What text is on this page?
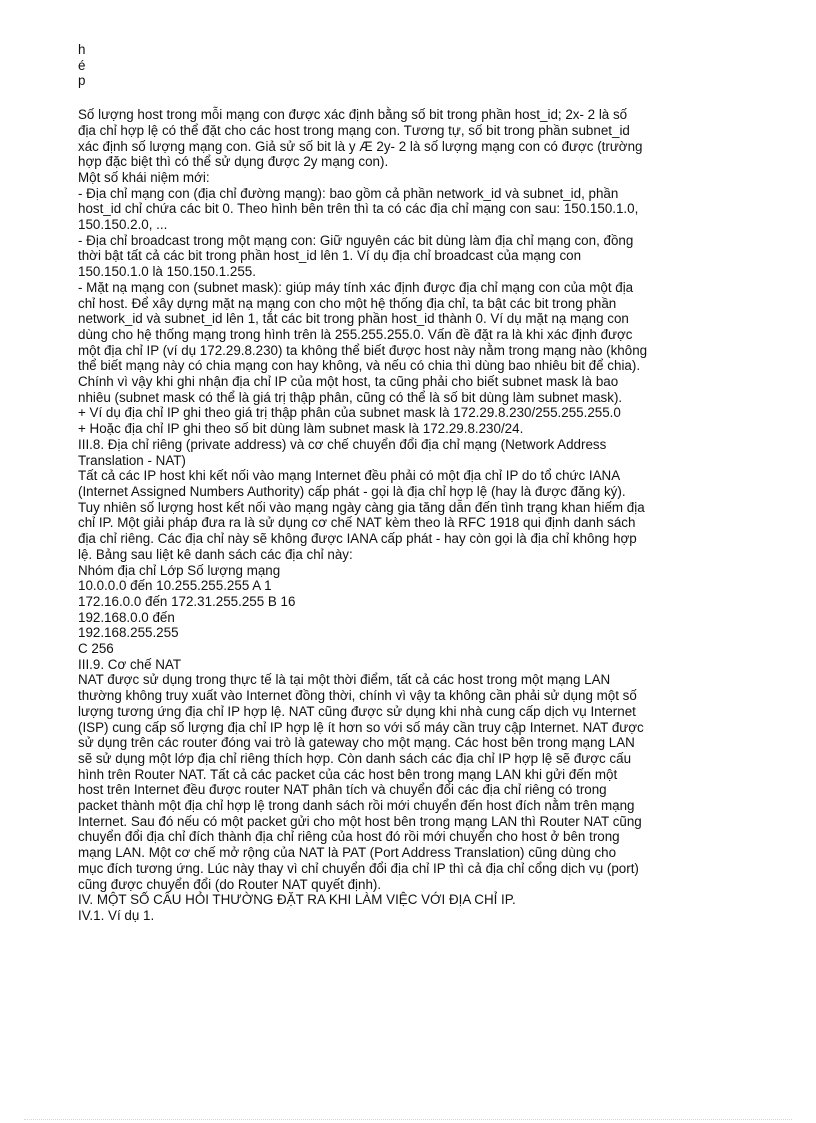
h
é
p
Số lượng host trong mỗi mạng con được xác định bằng số bit trong phần host_id; 2x- 2 là số
địa chỉ hợp lệ có thể đặt cho các host trong mạng con. Tương tự, số bit trong phần subnet_id
xác định số lượng mạng con. Giả sử số bit là y Æ 2y- 2 là số lượng mạng con có được (trường
hợp đặc biệt thì có thể sử dụng được 2y mạng con).
Một số khái niệm mới:
- Địa chỉ mạng con (địa chỉ đường mạng): bao gồm cả phần network_id và subnet_id, phần
host_id chỉ chứa các bit 0. Theo hình bên trên thì ta có các địa chỉ mạng con sau: 150.150.1.0,
150.150.2.0, ...
- Địa chỉ broadcast trong một mạng con: Giữ nguyên các bit dùng làm địa chỉ mạng con, đồng
thời bật tất cả các bit trong phần host_id lên 1. Ví dụ địa chỉ broadcast của mạng con
150.150.1.0 là 150.150.1.255.
- Mặt nạ mạng con (subnet mask): giúp máy tính xác định được địa chỉ mạng con của một địa
chỉ host. Để xây dựng mặt nạ mạng con cho một hệ thống địa chỉ, ta bật các bit trong phần
network_id và subnet_id lên 1, tắt các bit trong phần host_id thành 0. Ví dụ mặt nạ mạng con
dùng cho hệ thống mạng trong hình trên là 255.255.255.0. Vấn đề đặt ra là khi xác định được
một địa chỉ IP (ví dụ 172.29.8.230) ta không thể biết được host này nằm trong mạng nào (không
thể biết mạng này có chia mạng con hay không, và nếu có chia thì dùng bao nhiêu bit để chia).
Chính vì vậy khi ghi nhận địa chỉ IP của một host, ta cũng phải cho biết subnet mask là bao
nhiêu (subnet mask có thể là giá trị thập phân, cũng có thể là số bit dùng làm subnet mask).
+ Ví dụ địa chỉ IP ghi theo giá trị thập phân của subnet mask là 172.29.8.230/255.255.255.0
+ Hoặc địa chỉ IP ghi theo số bit dùng làm subnet mask là 172.29.8.230/24.
III.8. Địa chỉ riêng (private address) và cơ chế chuyển đổi địa chỉ mạng (Network Address
Translation - NAT)
Tất cả các IP host khi kết nối vào mạng Internet đều phải có một địa chỉ IP do tổ chức IANA
(Internet Assigned Numbers Authority) cấp phát - gọi là địa chỉ hợp lệ (hay là được đăng ký).
Tuy nhiên số lượng host kết nối vào mạng ngày càng gia tăng dẫn đến tình trạng khan hiếm địa
chỉ IP. Một giải pháp đưa ra là sử dụng cơ chế NAT kèm theo là RFC 1918 qui định danh sách
địa chỉ riêng. Các địa chỉ này sẽ không được IANA cấp phát - hay còn gọi là địa chỉ không hợp
lệ. Bảng sau liệt kê danh sách các địa chỉ này:
Nhóm địa chỉ Lớp Số lượng mạng
10.0.0.0 đến 10.255.255.255 A 1
172.16.0.0 đến 172.31.255.255 B 16
192.168.0.0 đến
192.168.255.255
C 256
III.9. Cơ chế NAT
NAT được sử dụng trong thực tế là tại một thời điểm, tất cả các host trong một mạng LAN
thường không truy xuất vào Internet đồng thời, chính vì vậy ta không cần phải sử dụng một số
lượng tương ứng địa chỉ IP hợp lệ. NAT cũng được sử dụng khi nhà cung cấp dịch vụ Internet
(ISP) cung cấp số lượng địa chỉ IP hợp lệ ít hơn so với số máy cần truy cập Internet. NAT được
sử dụng trên các router đóng vai trò là gateway cho một mạng. Các host bên trong mạng LAN
sẽ sử dụng một lớp địa chỉ riêng thích hợp. Còn danh sách các địa chỉ IP hợp lệ sẽ được cấu
hình trên Router NAT. Tất cả các packet của các host bên trong mạng LAN khi gửi đến một
host trên Internet đều được router NAT phân tích và chuyển đổi các địa chỉ riêng có trong
packet thành một địa chỉ hợp lệ trong danh sách rồi mới chuyển đến host đích nằm trên mạng
Internet. Sau đó nếu có một packet gửi cho một host bên trong mạng LAN thì Router NAT cũng
chuyển đổi địa chỉ đích thành địa chỉ riêng của host đó rồi mới chuyển cho host ở bên trong
mạng LAN. Một cơ chế mở rộng của NAT là PAT (Port Address Translation) cũng dùng cho
mục đích tương ứng. Lúc này thay vì chỉ chuyển đổi địa chỉ IP thì cả địa chỉ cổng dịch vụ (port)
cũng được chuyển đổi (do Router NAT quyết định).
IV. MỘT SỐ CÂU HỎI THƯỜNG ĐẶT RA KHI LÀM VIỆC VỚI ĐỊA CHỈ IP.
IV.1. Ví dụ 1.
